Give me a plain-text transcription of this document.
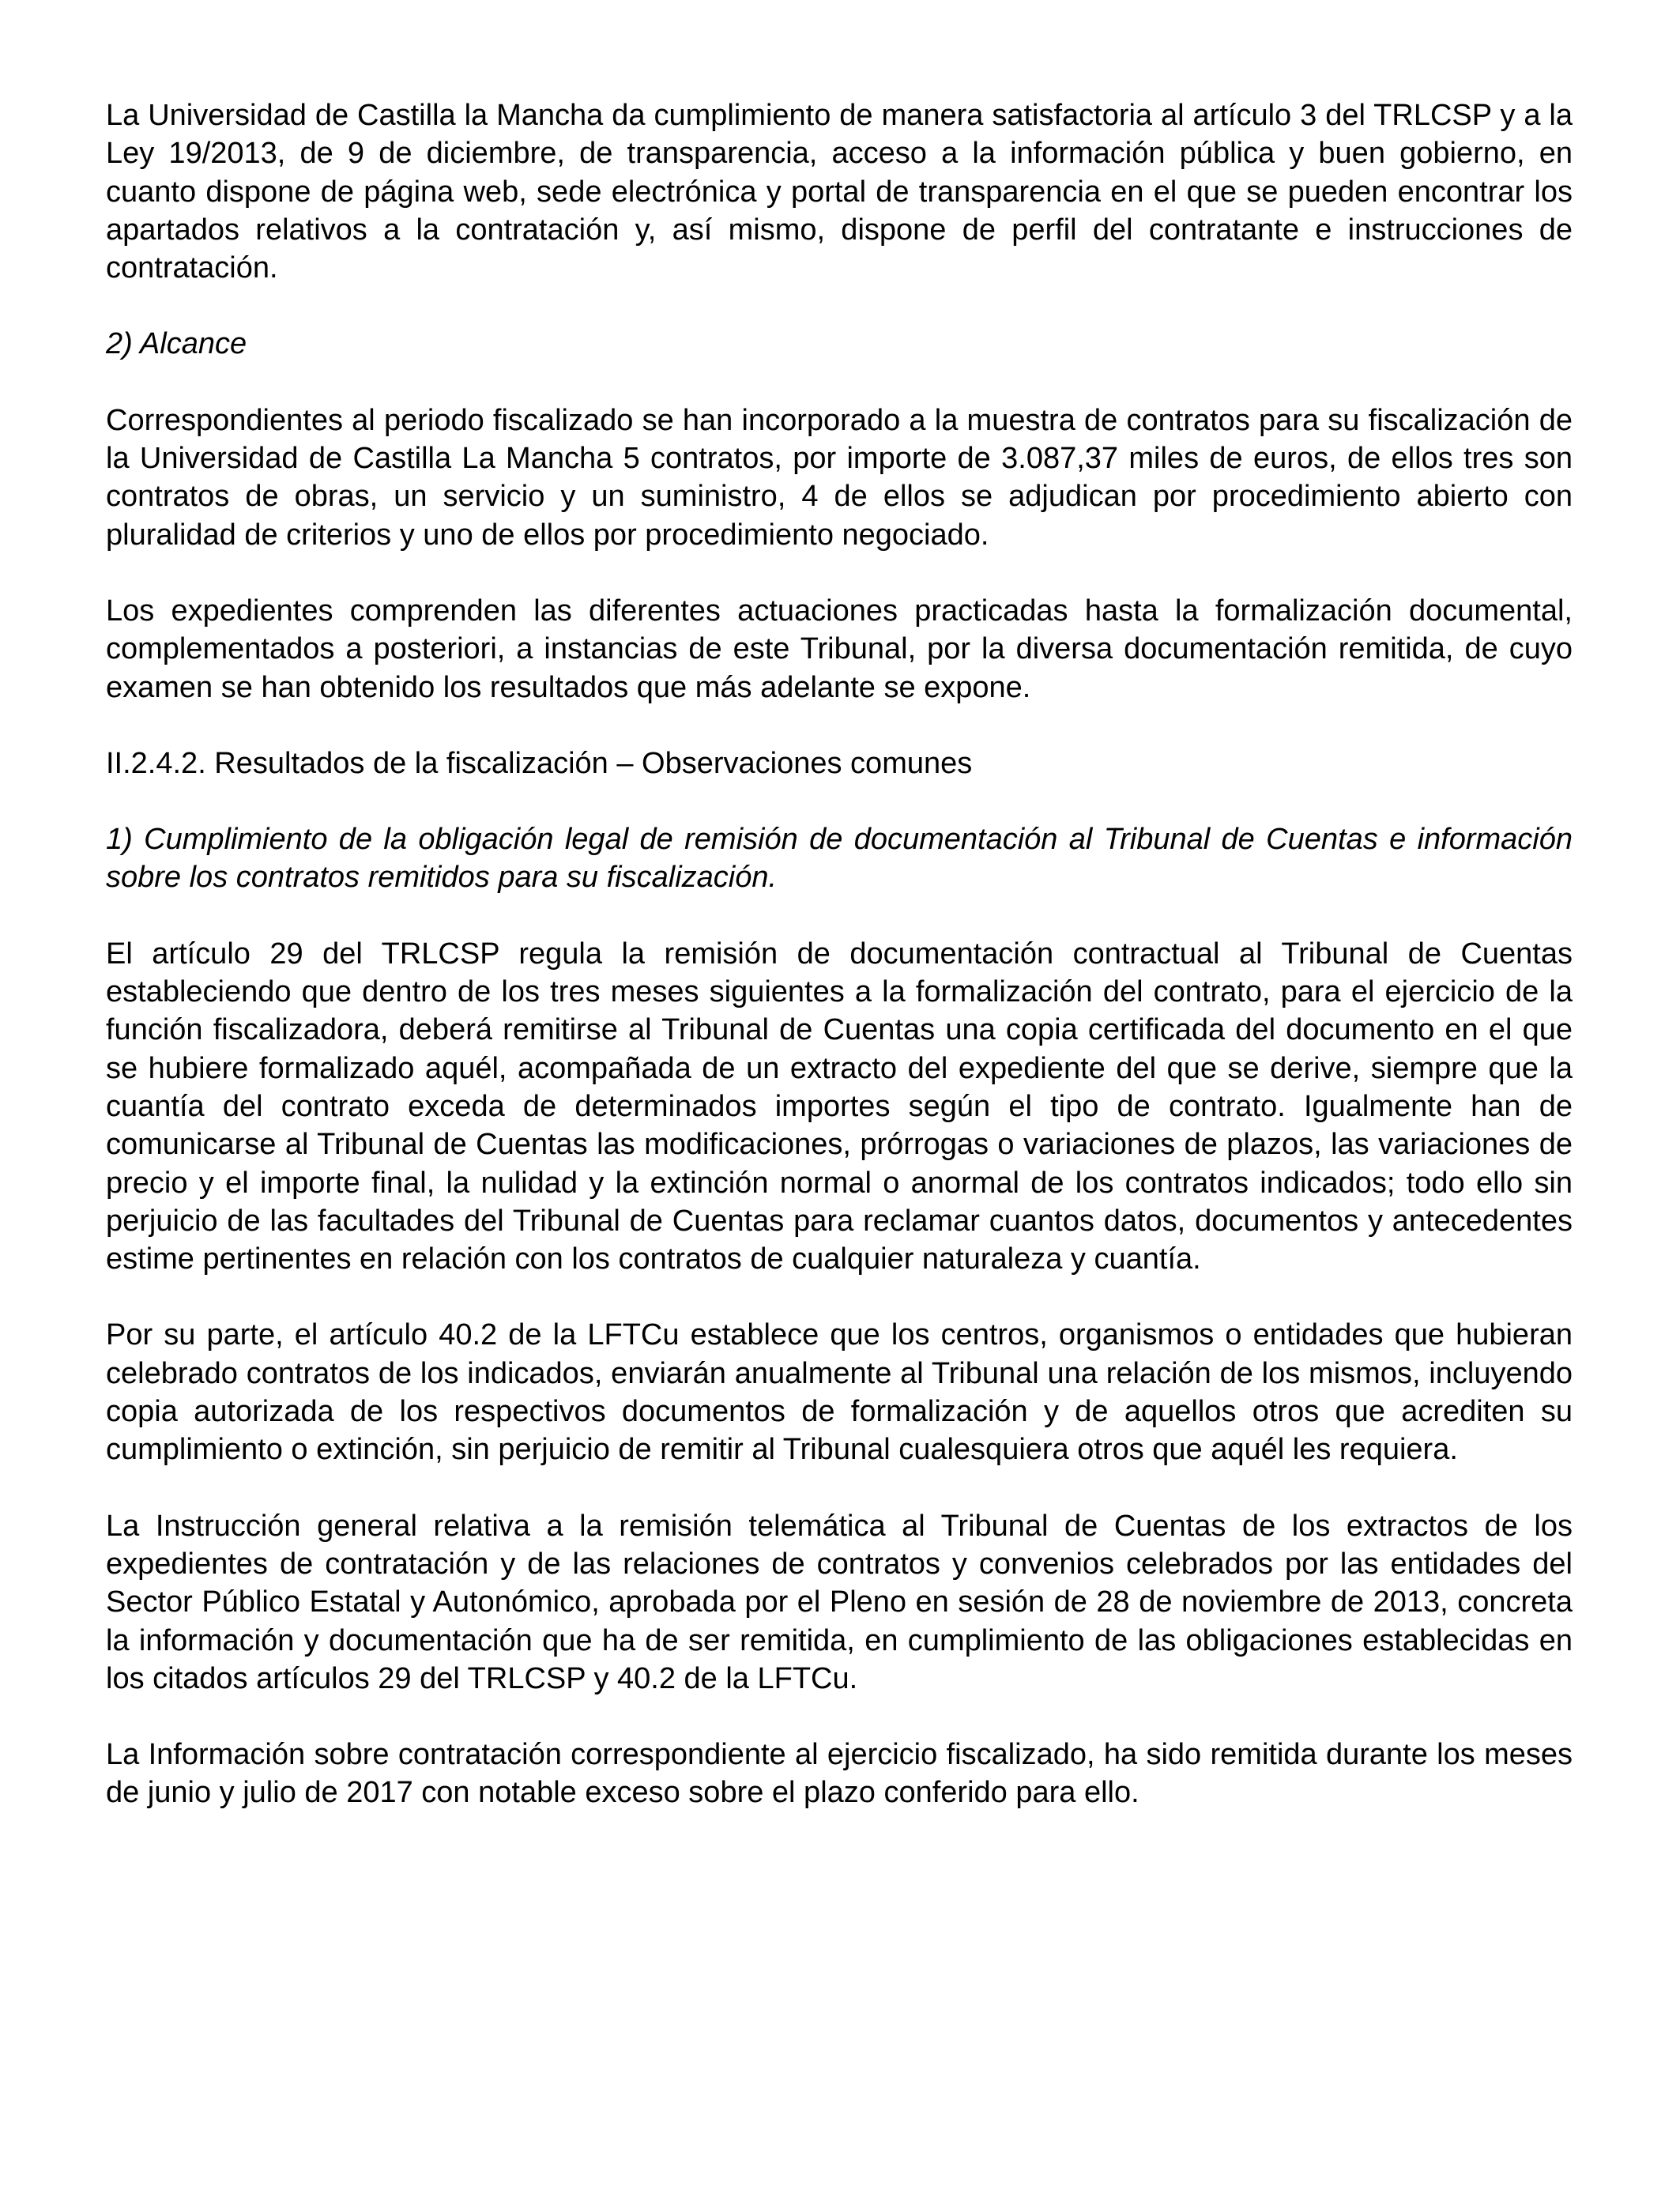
La Universidad de Castilla la Mancha da cumplimiento de manera satisfactoria al artículo 3 del TRLCSP y a la Ley 19/2013, de 9 de diciembre, de transparencia, acceso a la información pública y buen gobierno, en cuanto dispone de página web, sede electrónica y portal de transparencia en el que se pueden encontrar los apartados relativos a la contratación y, así mismo, dispone de perfil del contratante e instrucciones de contratación.

2) Alcance

Correspondientes al periodo fiscalizado se han incorporado a la muestra de contratos para su fiscalización de la Universidad de Castilla La Mancha 5 contratos, por importe de 3.087,37 miles de euros, de ellos tres son contratos de obras, un servicio y un suministro, 4 de ellos se adjudican por procedimiento abierto con pluralidad de criterios y uno de ellos por procedimiento negociado.

Los expedientes comprenden las diferentes actuaciones practicadas hasta la formalización documental, complementados a posteriori, a instancias de este Tribunal, por la diversa documentación remitida, de cuyo examen se han obtenido los resultados que más adelante se expone.

II.2.4.2. Resultados de la fiscalización – Observaciones comunes

1) Cumplimiento de la obligación legal de remisión de documentación al Tribunal de Cuentas e información sobre los contratos remitidos para su fiscalización.

El artículo 29 del TRLCSP regula la remisión de documentación contractual al Tribunal de Cuentas estableciendo que dentro de los tres meses siguientes a la formalización del contrato, para el ejercicio de la función fiscalizadora, deberá remitirse al Tribunal de Cuentas una copia certificada del documento en el que se hubiere formalizado aquél, acompañada de un extracto del expediente del que se derive, siempre que la cuantía del contrato exceda de determinados importes según el tipo de contrato. Igualmente han de comunicarse al Tribunal de Cuentas las modificaciones, prórrogas o variaciones de plazos, las variaciones de precio y el importe final, la nulidad y la extinción normal o anormal de los contratos indicados; todo ello sin perjuicio de las facultades del Tribunal de Cuentas para reclamar cuantos datos, documentos y antecedentes estime pertinentes en relación con los contratos de cualquier naturaleza y cuantía.

Por su parte, el artículo 40.2 de la LFTCu establece que los centros, organismos o entidades que hubieran celebrado contratos de los indicados, enviarán anualmente al Tribunal una relación de los mismos, incluyendo copia autorizada de los respectivos documentos de formalización y de aquellos otros que acrediten su cumplimiento o extinción, sin perjuicio de remitir al Tribunal cualesquiera otros que aquél les requiera.

La Instrucción general relativa a la remisión telemática al Tribunal de Cuentas de los extractos de los expedientes de contratación y de las relaciones de contratos y convenios celebrados por las entidades del Sector Público Estatal y Autonómico, aprobada por el Pleno en sesión de 28 de noviembre de 2013, concreta la información y documentación que ha de ser remitida, en cumplimiento de las obligaciones establecidas en los citados artículos 29 del TRLCSP y 40.2 de la LFTCu.

La Información sobre contratación correspondiente al ejercicio fiscalizado, ha sido remitida durante los meses de junio y julio de 2017 con notable exceso sobre el plazo conferido para ello.
